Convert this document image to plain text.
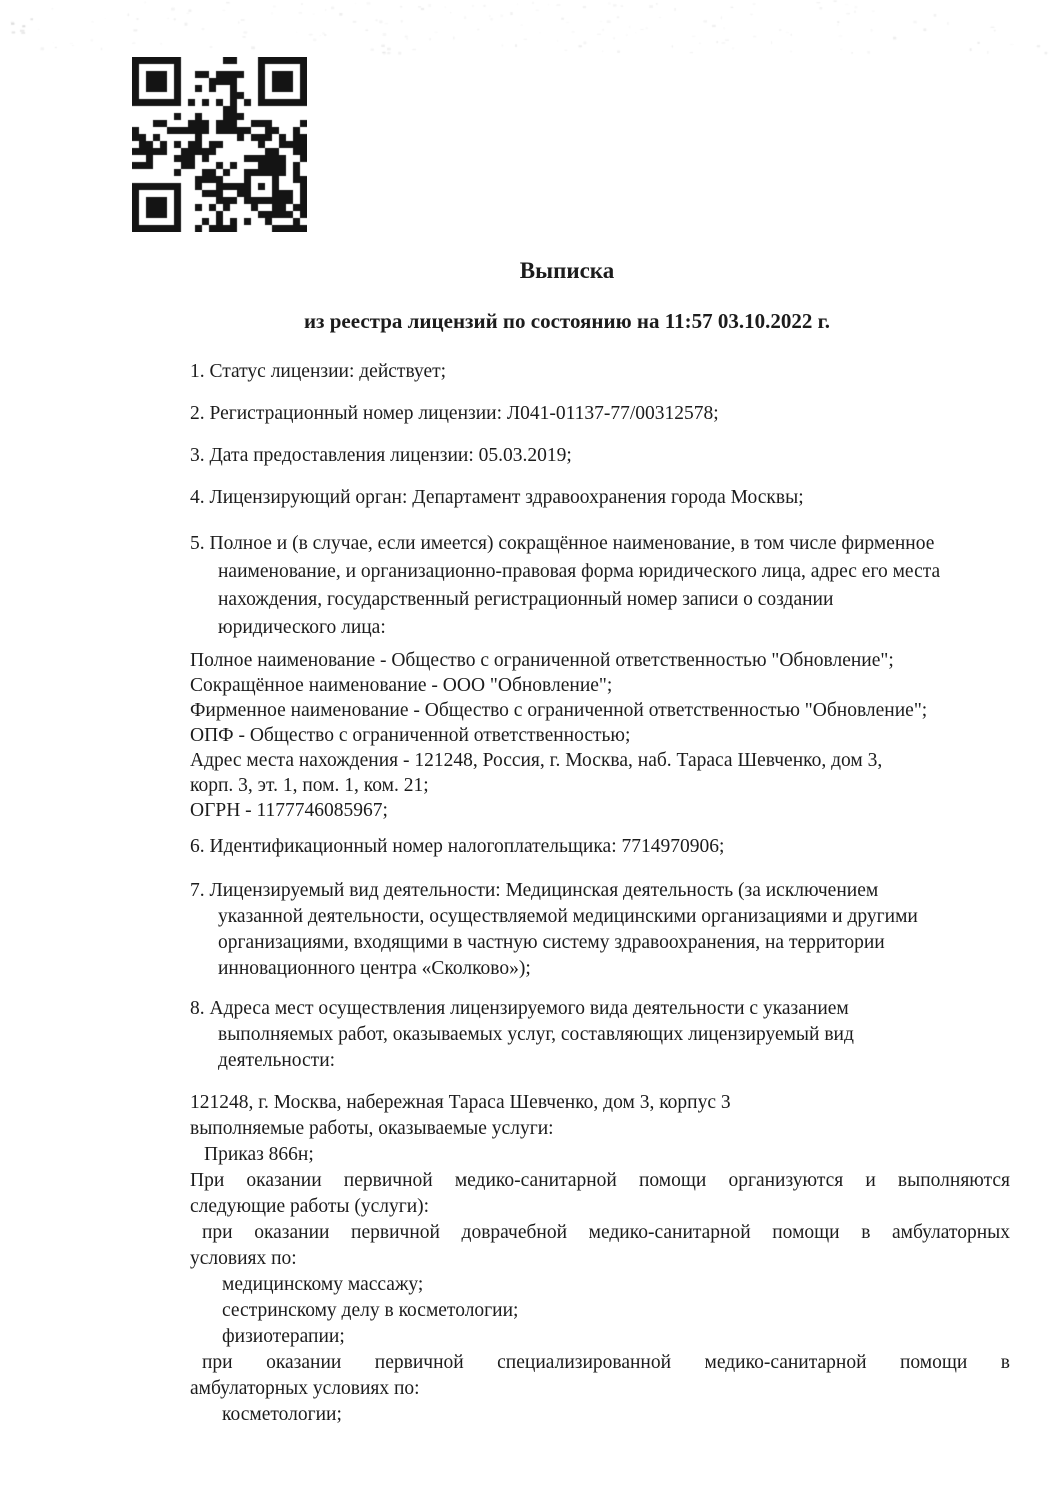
Выписка
из реестра лицензий по состоянию на 11:57 03.10.2022 г.

1. Статус лицензии: действует;

2. Регистрационный номер лицензии: Л041-01137-77/00312578;

3. Дата предоставления лицензии: 05.03.2019;

4. Лицензирующий орган: Департамент здравоохранения города Москвы;

5. Полное и (в случае, если имеется) сокращённое наименование, в том числе фирменное
наименование, и организационно-правовая форма юридического лица, адрес его места
нахождения, государственный регистрационный номер записи о создании
юридического лица:
Полное наименование - Общество с ограниченной ответственностью "Обновление";
Сокращённое наименование - ООО "Обновление";
Фирменное наименование - Общество с ограниченной ответственностью "Обновление";
ОПФ - Общество с ограниченной ответственностью;
Адрес места нахождения - 121248, Россия, г. Москва, наб. Тараса Шевченко, дом 3,
корп. 3, эт. 1, пом. 1, ком. 21;
ОГРН - 1177746085967;

6. Идентификационный номер налогоплательщика: 7714970906;

7. Лицензируемый вид деятельности: Медицинская деятельность (за исключением
указанной деятельности, осуществляемой медицинскими организациями и другими
организациями, входящими в частную систему здравоохранения, на территории
инновационного центра «Сколково»);
8. Адреса мест осуществления лицензируемого вида деятельности с указанием
выполняемых работ, оказываемых услуг, составляющих лицензируемый вид
деятельности:
121248, г. Москва, набережная Тараса Шевченко, дом 3, корпус 3
выполняемые работы, оказываемые услуги:
Приказ 866н;
При оказании первичной медико-санитарной помощи организуются и выполняются
следующие работы (услуги):
при оказании первичной доврачебной медико-санитарной помощи в амбулаторных
условиях по:
медицинскому массажу;
сестринскому делу в косметологии;
физиотерапии;
при оказании первичной специализированной медико-санитарной помощи в
амбулаторных условиях по:
косметологии;
